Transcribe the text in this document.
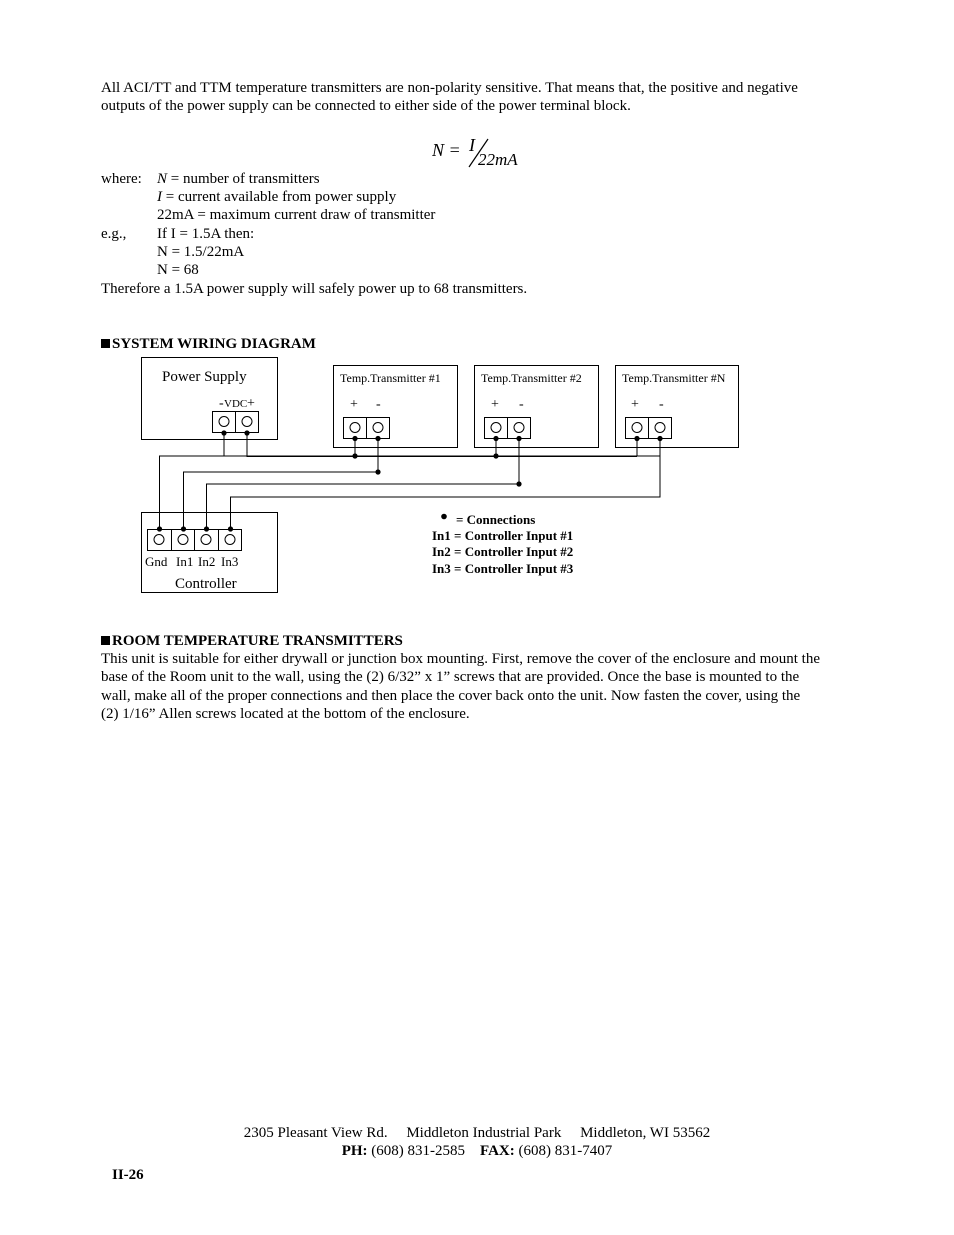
All ACI/TT and TTM temperature transmitters are non-polarity sensitive. That means that, the positive and negative
outputs of the power supply can be connected to either side of the power terminal block.
N = I
22mA
where: N = number of transmitters
I = current available from power supply
22mA = maximum current draw of transmitter
e.g., If I = 1.5A then:
N = 1.5/22mA
N = 68
Therefore a 1.5A power supply will safely power up to 68 transmitters.
SYSTEM WIRING DIAGRAM
Power Supply
- VDC +
Temp.Transmitter #1
+ -
Temp.Transmitter #2
+ -
Temp.Transmitter #N
+ -
Gnd In1 In2 In3
Controller
= Connections
In1 = Controller Input #1
In2 = Controller Input #2
In3 = Controller Input #3
ROOM TEMPERATURE TRANSMITTERS
This unit is suitable for either drywall or junction box mounting. First, remove the cover of the enclosure and mount the
base of the Room unit to the wall, using the (2) 6/32” x 1” screws that are provided. Once the base is mounted to the
wall, make all of the proper connections and then place the cover back onto the unit. Now fasten the cover, using the
(2) 1/16” Allen screws located at the bottom of the enclosure.
2305 Pleasant View Rd.  Middleton Industrial Park  Middleton, WI 53562
PH: (608) 831-2585  FAX: (608) 831-7407
II-26
